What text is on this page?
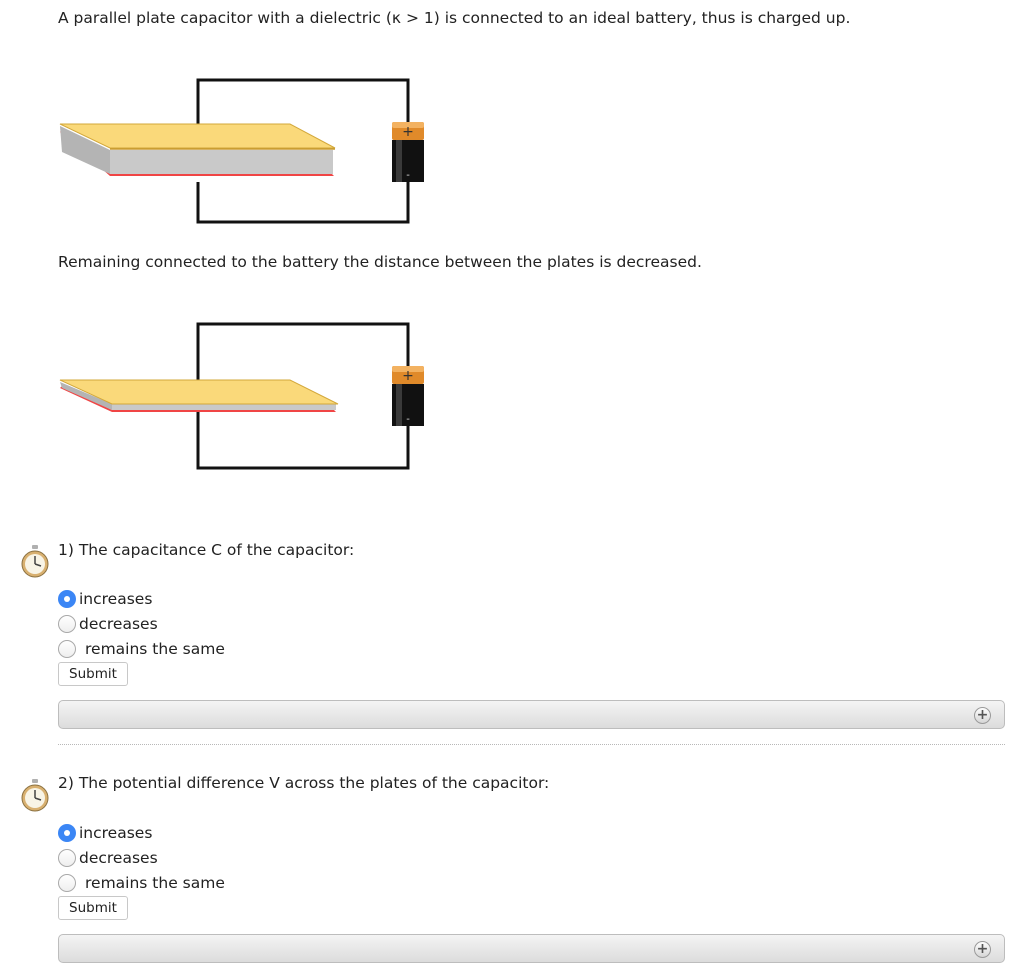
A parallel plate capacitor with a dielectric (κ > 1) is connected to an ideal battery, thus is charged up.
+
-
Remaining connected to the battery the distance between the plates is decreased.
+
-
1) The capacitance C of the capacitor:
increases
decreases
remains the same
Submit
+
2) The potential difference V across the plates of the capacitor:
increases
decreases
remains the same
Submit
+
